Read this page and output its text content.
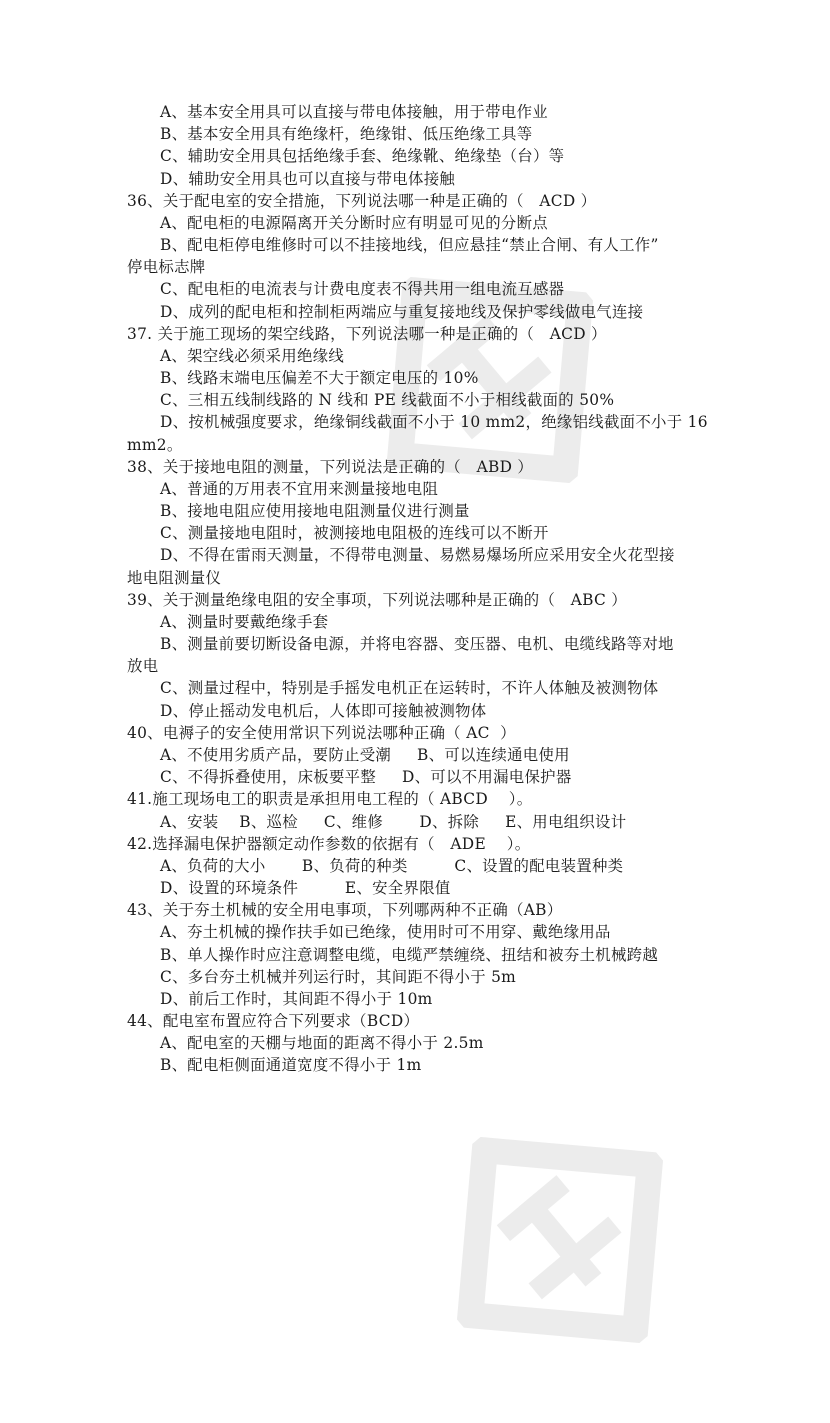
A、基本安全用具可以直接与带电体接触，用于带电作业
B、基本安全用具有绝缘杆，绝缘钳、低压绝缘工具等
C、辅助安全用具包括绝缘手套、绝缘靴、绝缘垫（台）等
D、辅助安全用具也可以直接与带电体接触
36、关于配电室的安全措施，下列说法哪一种是正确的（   ACD ）
A、配电柜的电源隔离开关分断时应有明显可见的分断点
B、配电柜停电维修时可以不挂接地线，但应悬挂“禁止合闸、有人工作”
停电标志牌
C、配电柜的电流表与计费电度表不得共用一组电流互感器
D、成列的配电柜和控制柜两端应与重复接地线及保护零线做电气连接
37. 关于施工现场的架空线路，下列说法哪一种是正确的（   ACD ）
A、架空线必须采用绝缘线
B、线路末端电压偏差不大于额定电压的 10%
C、三相五线制线路的 N 线和 PE 线截面不小于相线截面的 50%
D、按机械强度要求，绝缘铜线截面不小于 10 mm2，绝缘铝线截面不小于 16
mm2。
38、关于接地电阻的测量，下列说法是正确的（   ABD ）
A、普通的万用表不宜用来测量接地电阻
B、接地电阻应使用接地电阻测量仪进行测量
C、测量接地电阻时，被测接地电阻极的连线可以不断开
D、不得在雷雨天测量，不得带电测量、易燃易爆场所应采用安全火花型接
地电阻测量仪
39、关于测量绝缘电阻的安全事项，下列说法哪种是正确的（   ABC ）
A、测量时要戴绝缘手套
B、测量前要切断设备电源，并将电容器、变压器、电机、电缆线路等对地
放电
C、测量过程中，特别是手摇发电机正在运转时，不许人体触及被测物体
D、停止摇动发电机后，人体即可接触被测物体
40、电褥子的安全使用常识下列说法哪种正确（ AC  ）
A、不使用劣质产品，要防止受潮     B、可以连续通电使用
C、不得拆叠使用，床板要平整     D、可以不用漏电保护器
41.施工现场电工的职责是承担用电工程的（ ABCD    ）。
A、安装    B、巡检     C、维修       D、拆除     E、用电组织设计
42.选择漏电保护器额定动作参数的依据有（   ADE    ）。
A、负荷的大小       B、负荷的种类         C、设置的配电装置种类
D、设置的环境条件         E、安全界限值
43、关于夯土机械的安全用电事项，下列哪两种不正确（AB）
A、夯土机械的操作扶手如已绝缘，使用时可不用穿、戴绝缘用品
B、单人操作时应注意调整电缆，电缆严禁缠绕、扭结和被夯土机械跨越
C、多台夯土机械并列运行时，其间距不得小于 5m
D、前后工作时，其间距不得小于 10m
44、配电室布置应符合下列要求（BCD）
A、配电室的天棚与地面的距离不得小于 2.5m
B、配电柜侧面通道宽度不得小于 1m
